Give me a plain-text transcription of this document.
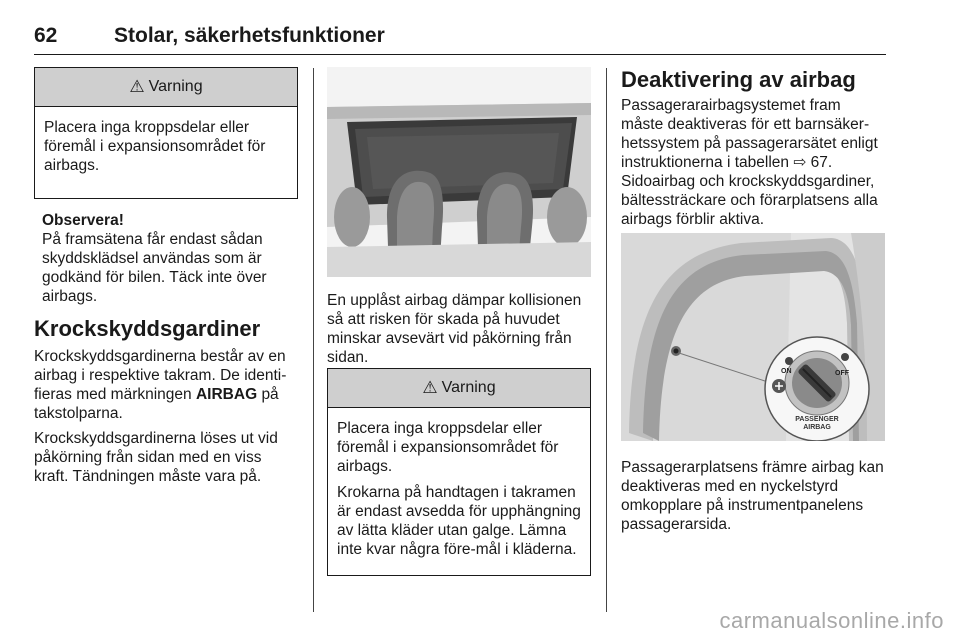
62	Stolar, säkerhetsfunktioner
⚠ Varning

Placera inga kroppsdelar eller föremål i expansionsområdet för airbags.

Observera!

På framsätena får endast sådan skyddsklädsel användas som är godkänd för bilen. Täck inte över airbags.

Krockskyddsgardiner

Krockskyddsgardinerna består av en airbag i respektive takram. De identi-fieras med märkningen AIRBAG på takstolparna.

Krockskyddsgardinerna löses ut vid påkörning från sidan med en viss kraft. Tändningen måste vara på.

En upplåst airbag dämpar kollisionen så att risken för skada på huvudet minskar avsevärt vid påkörning från sidan.

⚠ Varning

Placera inga kroppsdelar eller föremål i expansionsområdet för airbags.

Krokarna på handtagen i takramen är endast avsedda för upphängning av lätta kläder utan galge. Lämna inte kvar några före-mål i kläderna.

Deaktivering av airbag

Passagerarairbagsystemet fram måste deaktiveras för ett barnsäker-hetssystem på passagerarsätet enligt instruktionerna i tabellen ⇨ 67.

Sidoairbag och krockskyddsgardiner, bältessträckare och förarplatsens alla airbags förblir aktiva.

ON	OFF
PASSENGER
AIRBAG

Passagerarplatsens främre airbag kan deaktiveras med en nyckelstyrd omkopplare på instrumentpanelens passagerarsida.

carmanualsonline.info
